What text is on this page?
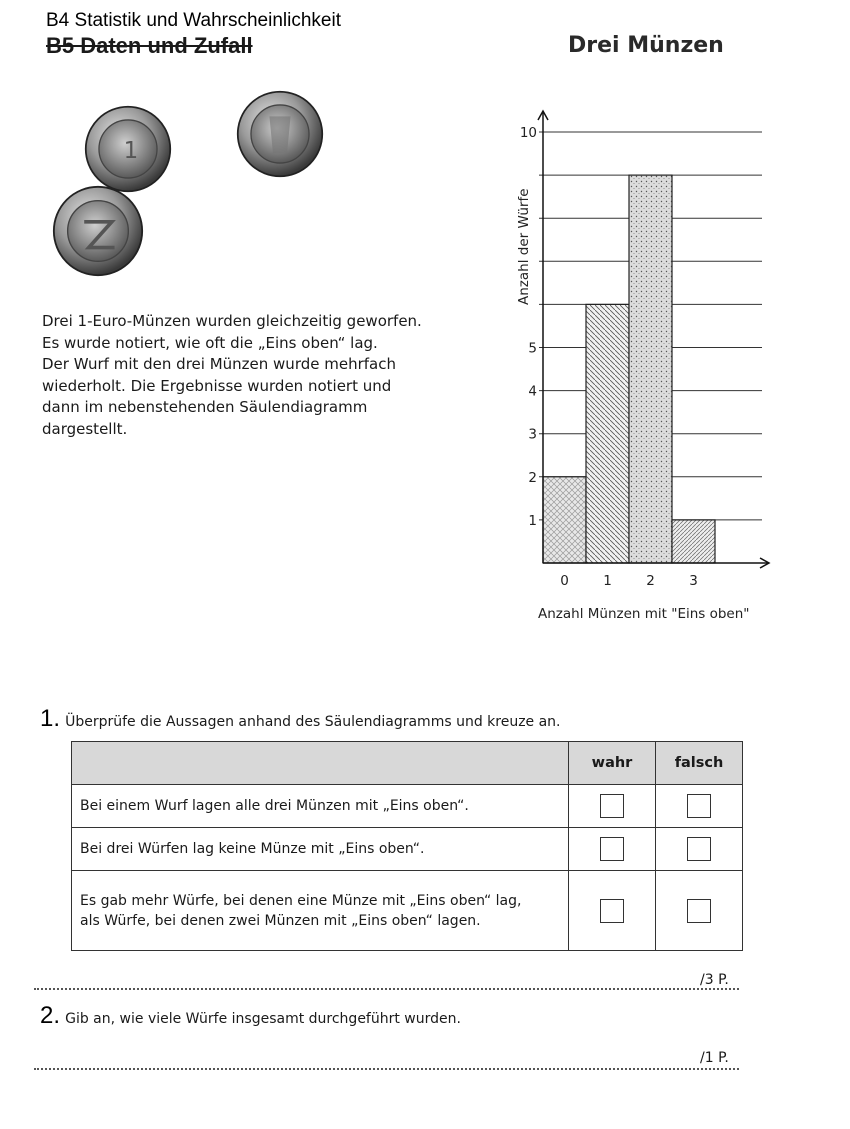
B4 Statistik und Wahrscheinlichkeit
B5 Daten und Zufall	Drei Münzen
1
Drei 1-Euro-Münzen wurden gleichzeitig geworfen.
Es wurde notiert, wie oft die „Eins oben“ lag.
Der Wurf mit den drei Münzen wurde mehrfach
wiederholt. Die Ergebnisse wurden notiert und
dann im nebenstehenden Säulendiagramm
dargestellt.
1
2
3
4
5
10
0	1	2	3
Anzahl der Würfe
Anzahl Münzen mit "Eins oben"
1. Überprüfe die Aussagen anhand des Säulendiagramms und kreuze an.
	wahr	falsch
Bei einem Wurf lagen alle drei Münzen mit „Eins oben“.		
Bei drei Würfen lag keine Münze mit „Eins oben“.		
Es gab mehr Würfe, bei denen eine Münze mit „Eins oben“ lag, als Würfe, bei denen zwei Münzen mit „Eins oben“ lagen.		
/3 P.
2. Gib an, wie viele Würfe insgesamt durchgeführt wurden.
/1 P.
